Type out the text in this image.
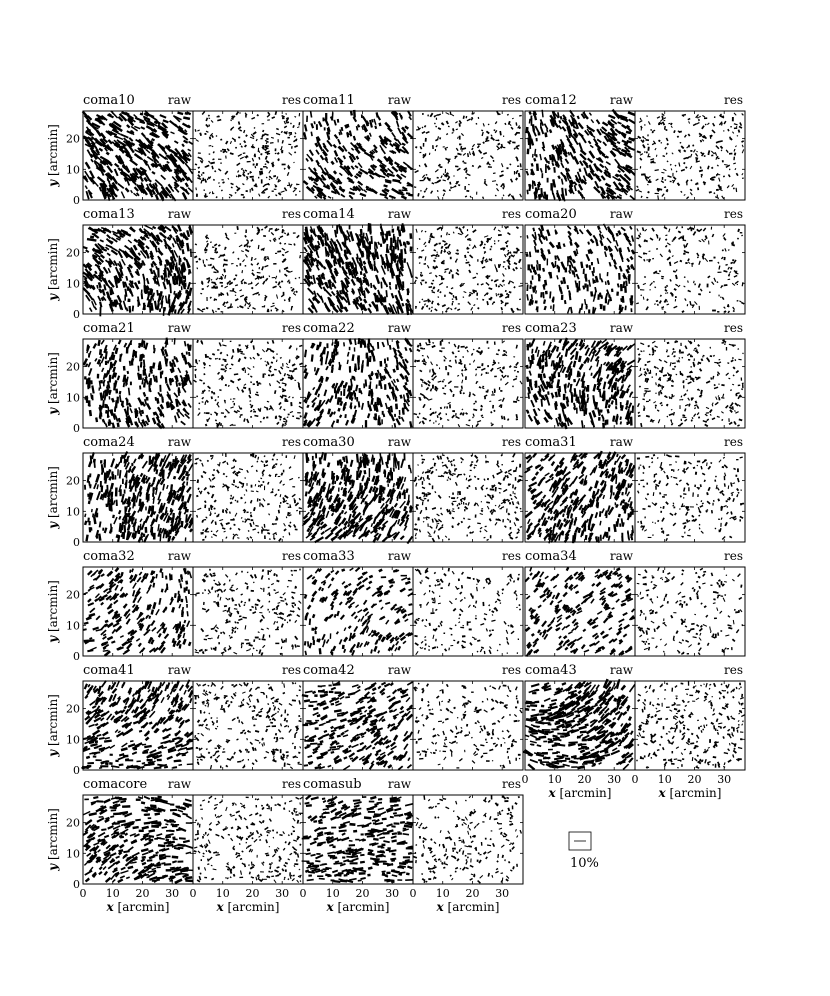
coma10	raw	res
0
10
20
y [arcmin]
coma11	raw	res coma12	raw	res
coma13	raw	res
0
10
20
y [arcmin]
coma14	raw	res coma20	raw	res
coma21	raw	res
0
10
20
y [arcmin]
coma22	raw	res coma23	raw	res
coma24	raw	res
0
10
20
y [arcmin]
coma30	raw	res coma31	raw	res
coma32	raw	res
0
10
20
y [arcmin]
coma33	raw	res coma34	raw	res
coma41	raw	res
0
10
20
y [arcmin]
coma42	raw	res coma43	raw	res
0 10 20 30
x [arcmin]
0 10 20 30
x [arcmin]
comacore raw	res
0 10 20 30
0
10
20
x [arcmin]
y [arcmin]
0 10 20 30
x [arcmin]
comasub raw	res
0 10 20 30
x [arcmin]
0 10 20 30
x [arcmin]
10%
